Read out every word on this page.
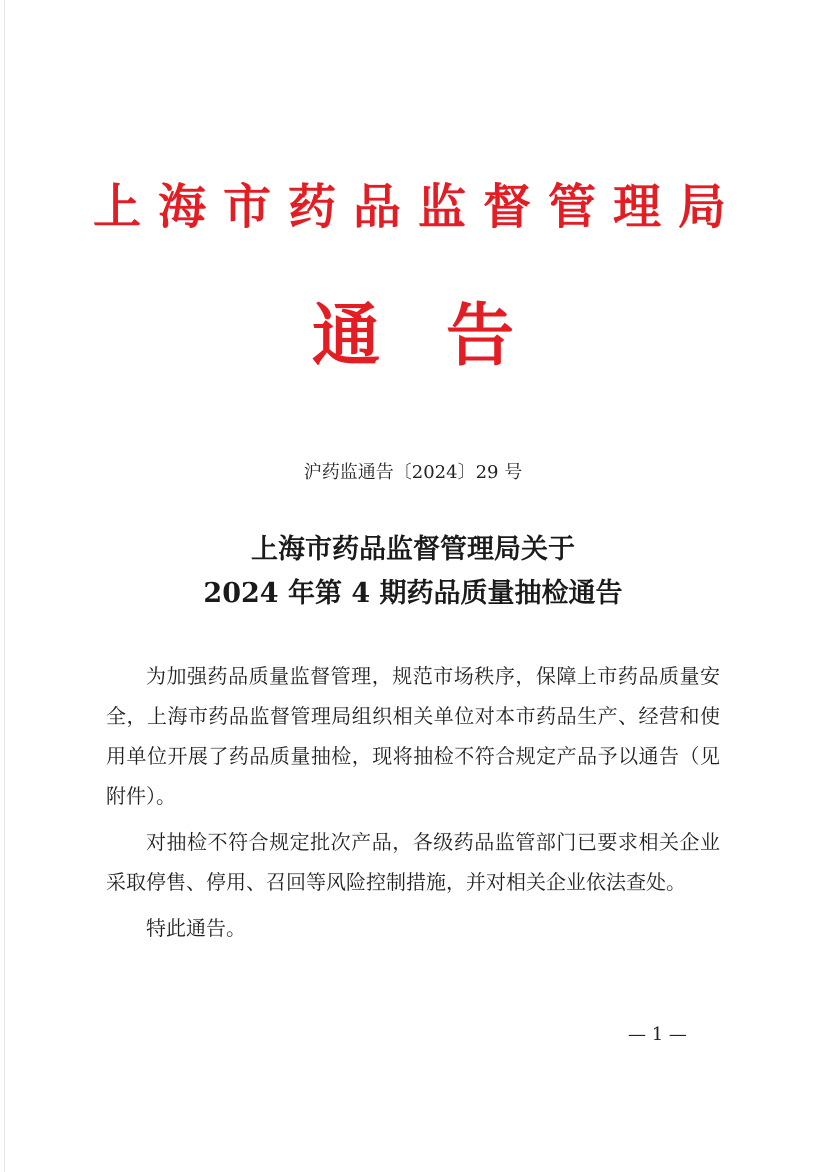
上海市药品监督管理局
通 告
沪药监通告〔2024〕29 号
上海市药品监督管理局关于
2024 年第 4 期药品质量抽检通告

为加强药品质量监督管理，规范市场秩序，保障上市药品质量安全，上海市药品监督管理局组织相关单位对本市药品生产、经营和使用单位开展了药品质量抽检，现将抽检不符合规定产品予以通告（见附件）。

对抽检不符合规定批次产品，各级药品监管部门已要求相关企业采取停售、停用、召回等风险控制措施，并对相关企业依法查处。

特此通告。

— 1 —
